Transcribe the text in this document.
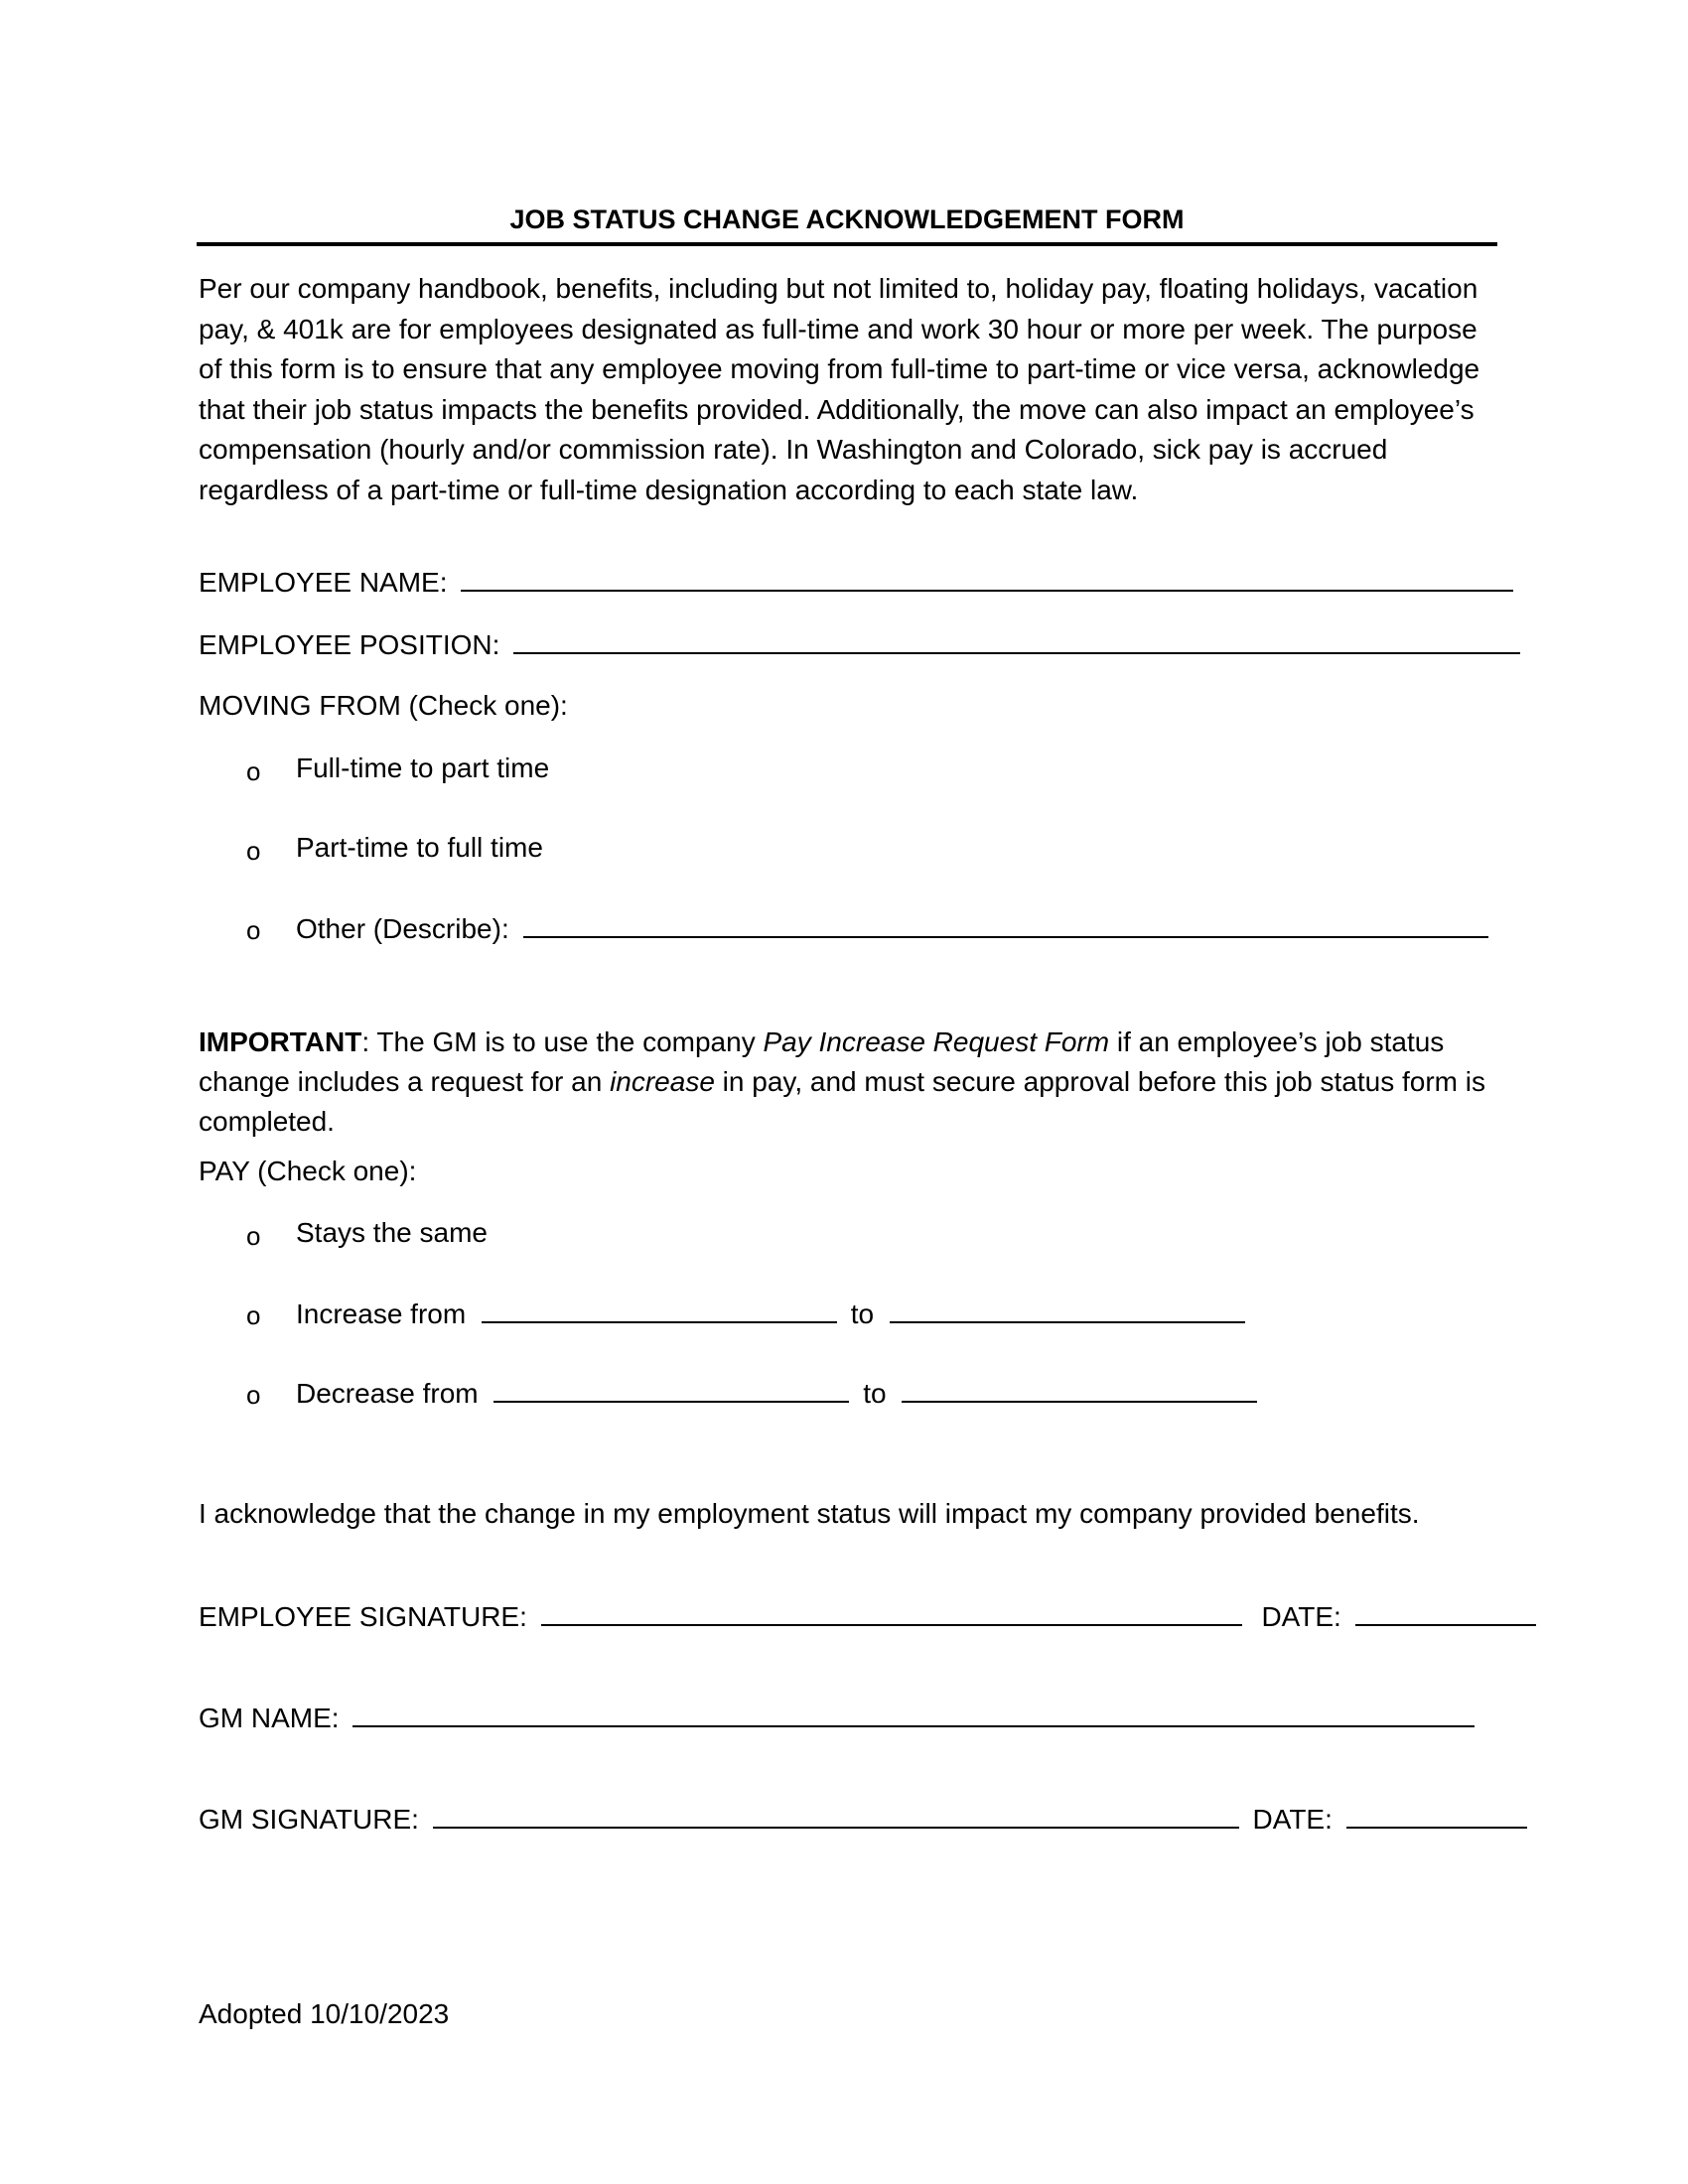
JOB STATUS CHANGE ACKNOWLEDGEMENT FORM
Per our company handbook, benefits, including but not limited to, holiday pay, floating holidays, vacation pay, & 401k are for employees designated as full-time and work 30 hour or more per week. The purpose of this form is to ensure that any employee moving from full-time to part-time or vice versa, acknowledge that their job status impacts the benefits provided. Additionally, the move can also impact an employee’s compensation (hourly and/or commission rate). In Washington and Colorado, sick pay is accrued regardless of a part-time or full-time designation according to each state law.
EMPLOYEE NAME:
EMPLOYEE POSITION:
MOVING FROM (Check one):
o Full-time to part time
o Part-time to full time
o Other (Describe):
IMPORTANT: The GM is to use the company Pay Increase Request Form if an employee’s job status change includes a request for an increase in pay, and must secure approval before this job status form is completed.
PAY (Check one):
o Stays the same
o Increase from	to
o Decrease from	to
I acknowledge that the change in my employment status will impact my company provided benefits.
EMPLOYEE SIGNATURE:	DATE:
GM NAME:
GM SIGNATURE:	DATE:
Adopted 10/10/2023
